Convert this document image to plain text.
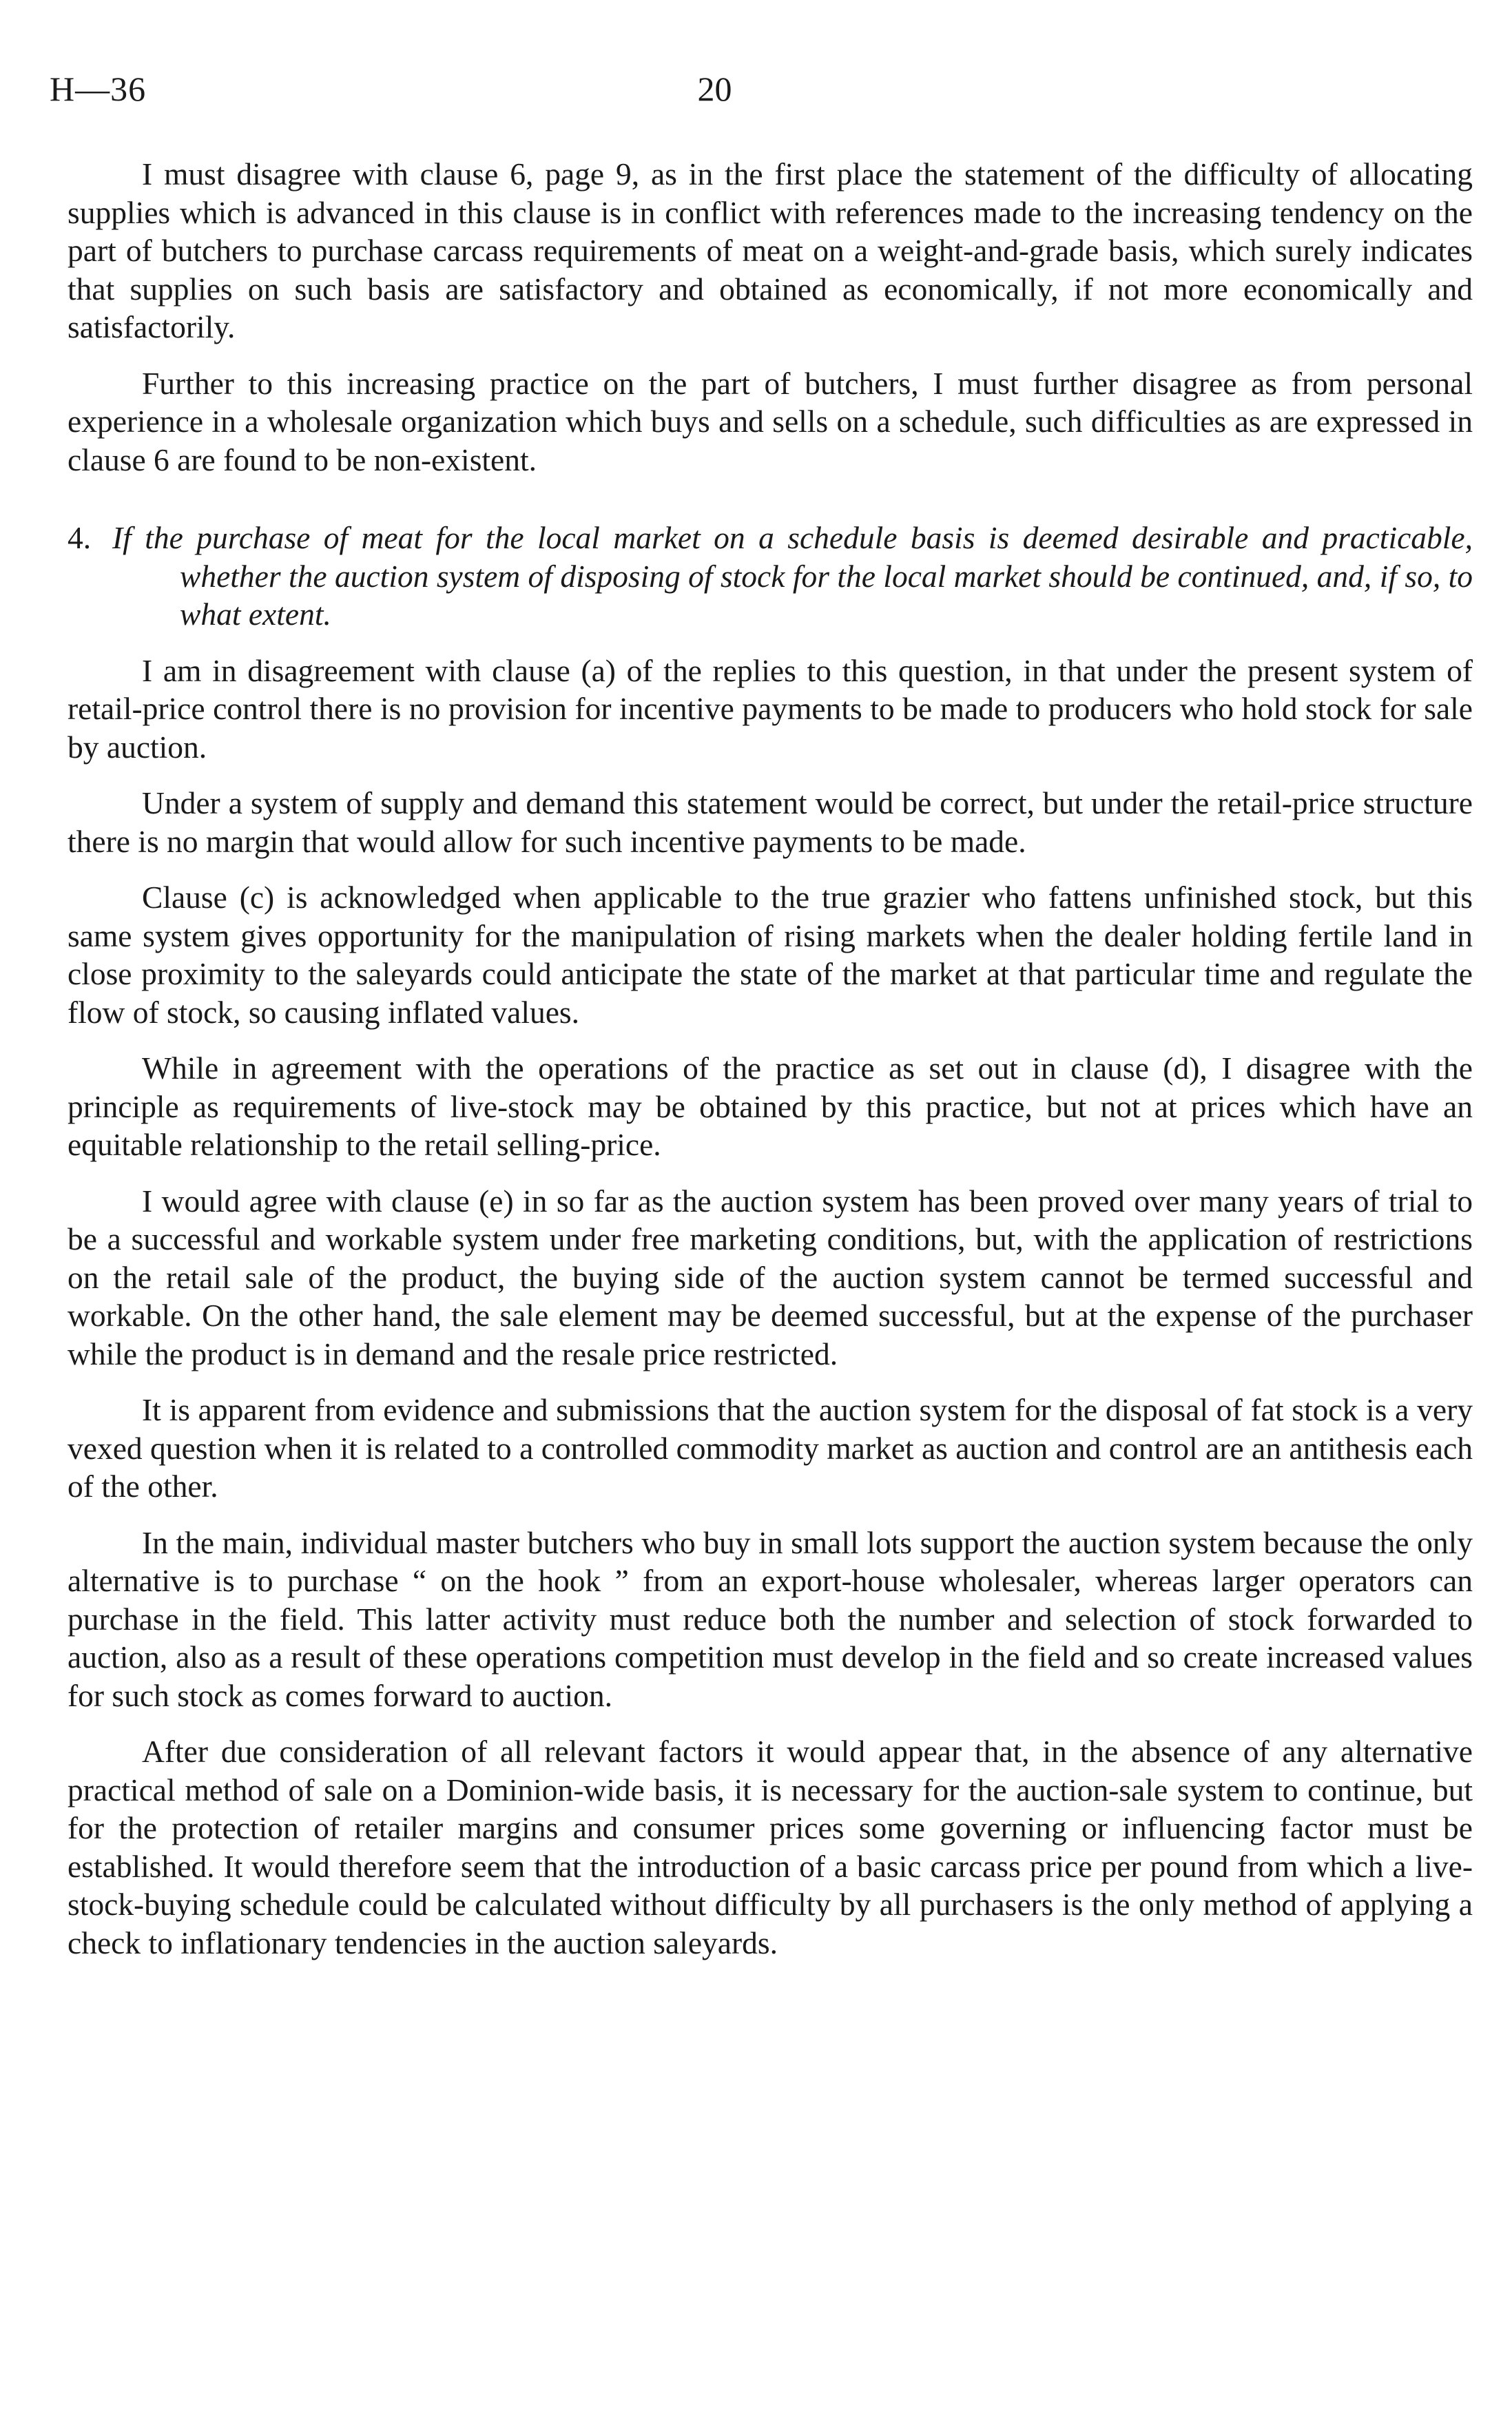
H—36	20

I must disagree with clause 6, page 9, as in the first place the statement of the difficulty of allocating supplies which is advanced in this clause is in conflict with references made to the increasing tendency on the part of butchers to purchase carcass requirements of meat on a weight-and-grade basis, which surely indicates that supplies on such basis are satisfactory and obtained as economically, if not more economically and satisfactorily.

Further to this increasing practice on the part of butchers, I must further disagree as from personal experience in a wholesale organization which buys and sells on a schedule, such difficulties as are expressed in clause 6 are found to be non-existent.

4. If the purchase of meat for the local market on a schedule basis is deemed desirable and practicable, whether the auction system of disposing of stock for the local market should be continued, and, if so, to what extent.

I am in disagreement with clause (a) of the replies to this question, in that under the present system of retail-price control there is no provision for incentive payments to be made to producers who hold stock for sale by auction.

Under a system of supply and demand this statement would be correct, but under the retail-price structure there is no margin that would allow for such incentive payments to be made.

Clause (c) is acknowledged when applicable to the true grazier who fattens unfinished stock, but this same system gives opportunity for the manipulation of rising markets when the dealer holding fertile land in close proximity to the saleyards could anticipate the state of the market at that particular time and regulate the flow of stock, so causing inflated values.

While in agreement with the operations of the practice as set out in clause (d), I disagree with the principle as requirements of live-stock may be obtained by this practice, but not at prices which have an equitable relationship to the retail selling-price.

I would agree with clause (e) in so far as the auction system has been proved over many years of trial to be a successful and workable system under free marketing conditions, but, with the application of restrictions on the retail sale of the product, the buying side of the auction system cannot be termed successful and workable. On the other hand, the sale element may be deemed successful, but at the expense of the purchaser while the product is in demand and the resale price restricted.

It is apparent from evidence and submissions that the auction system for the disposal of fat stock is a very vexed question when it is related to a controlled commodity market as auction and control are an antithesis each of the other.

In the main, individual master butchers who buy in small lots support the auction system because the only alternative is to purchase “ on the hook ” from an export-house wholesaler, whereas larger operators can purchase in the field. This latter activity must reduce both the number and selection of stock forwarded to auction, also as a result of these operations competition must develop in the field and so create increased values for such stock as comes forward to auction.

After due consideration of all relevant factors it would appear that, in the absence of any alternative practical method of sale on a Dominion-wide basis, it is necessary for the auction-sale system to continue, but for the protection of retailer margins and consumer prices some governing or influencing factor must be established. It would therefore seem that the introduction of a basic carcass price per pound from which a live-stock-buying schedule could be calculated without difficulty by all purchasers is the only method of applying a check to inflationary tendencies in the auction saleyards.
